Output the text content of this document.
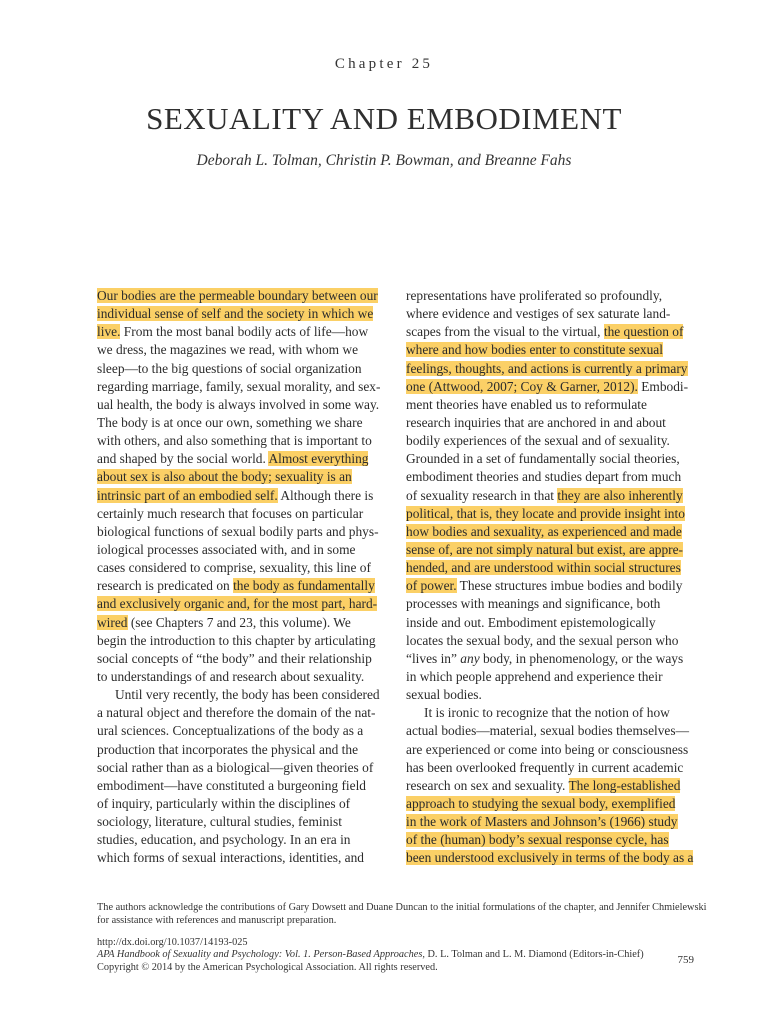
Chapter 25
SEXUALITY AND EMBODIMENT
Deborah L. Tolman, Christin P. Bowman, and Breanne Fahs
Our bodies are the permeable boundary between our
individual sense of self and the society in which we
live. From the most banal bodily acts of life—how
we dress, the magazines we read, with whom we
sleep—to the big questions of social organization
regarding marriage, family, sexual morality, and sex-
ual health, the body is always involved in some way.
The body is at once our own, something we share
with others, and also something that is important to
and shaped by the social world. Almost everything
about sex is also about the body; sexuality is an
intrinsic part of an embodied self. Although there is
certainly much research that focuses on particular
biological functions of sexual bodily parts and phys-
iological processes associated with, and in some
cases considered to comprise, sexuality, this line of
research is predicated on the body as fundamentally
and exclusively organic and, for the most part, hard-
wired (see Chapters 7 and 23, this volume). We
begin the introduction to this chapter by articulating
social concepts of “the body” and their relationship
to understandings of and research about sexuality.
Until very recently, the body has been considered
a natural object and therefore the domain of the nat-
ural sciences. Conceptualizations of the body as a
production that incorporates the physical and the
social rather than as a biological—given theories of
embodiment—have constituted a burgeoning field
of inquiry, particularly within the disciplines of
sociology, literature, cultural studies, feminist
studies, education, and psychology. In an era in
which forms of sexual interactions, identities, and
representations have proliferated so profoundly,
where evidence and vestiges of sex saturate land-
scapes from the visual to the virtual, the question of
where and how bodies enter to constitute sexual
feelings, thoughts, and actions is currently a primary
one (Attwood, 2007; Coy & Garner, 2012). Embodi-
ment theories have enabled us to reformulate
research inquiries that are anchored in and about
bodily experiences of the sexual and of sexuality.
Grounded in a set of fundamentally social theories,
embodiment theories and studies depart from much
of sexuality research in that they are also inherently
political, that is, they locate and provide insight into
how bodies and sexuality, as experienced and made
sense of, are not simply natural but exist, are appre-
hended, and are understood within social structures
of power. These structures imbue bodies and bodily
processes with meanings and significance, both
inside and out. Embodiment epistemologically
locates the sexual body, and the sexual person who
“lives in” any body, in phenomenology, or the ways
in which people apprehend and experience their
sexual bodies.
It is ironic to recognize that the notion of how
actual bodies—material, sexual bodies themselves—
are experienced or come into being or consciousness
has been overlooked frequently in current academic
research on sex and sexuality. The long-established
approach to studying the sexual body, exemplified
in the work of Masters and Johnson’s (1966) study
of the (human) body’s sexual response cycle, has
been understood exclusively in terms of the body as a
The authors acknowledge the contributions of Gary Dowsett and Duane Duncan to the initial formulations of the chapter, and Jennifer Chmielewski for assistance with references and manuscript preparation.
http://dx.doi.org/10.1037/14193-025
APA Handbook of Sexuality and Psychology: Vol. 1. Person-Based Approaches, D. L. Tolman and L. M. Diamond (Editors-in-Chief)
Copyright © 2014 by the American Psychological Association. All rights reserved.
759
